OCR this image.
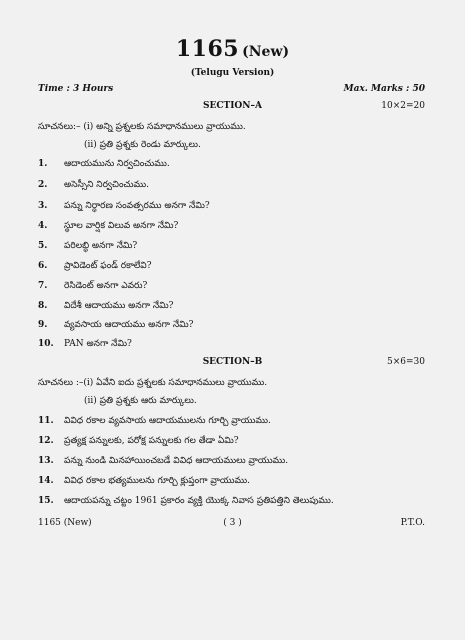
1165 (New)
(Telugu Version)
Time : 3 Hours	Max. Marks : 50
SECTION–A	10×2=20
సూచనలు:– (i) అన్ని ప్రశ్నలకు సమాధానములు వ్రాయుము.
(ii) ప్రతి ప్రశ్నకు రెండు మార్కులు.
1. ఆదాయమును నిర్వచించుము.
2. అసెస్సీని నిర్వచించుము.
3. పన్ను నిర్ధారణ సంవత్సరము అనగా నేమి?
4. స్థూల వార్షిక విలువ అనగా నేమి?
5. పరిలబ్ధి అనగా నేమి?
6. ప్రావిడెంట్ ఫండ్ రకాలేవి?
7. రెసిడెంట్ అనగా ఎవరు?
8. విదేశీ ఆదాయము అనగా నేమి?
9. వ్యవసాయ ఆదాయము అనగా నేమి?
10. PAN అనగా నేమి?
SECTION–B	5×6=30
సూచనలు :–(i) ఏవేని ఐదు ప్రశ్నలకు సమాధానములు వ్రాయుము.
(ii) ప్రతి ప్రశ్నకు ఆరు మార్కులు.
11. వివిధ రకాల వ్యవసాయ ఆదాయములను గూర్చి వ్రాయుము.
12. ప్రత్యక్ష పన్నులకు, పరోక్ష పన్నులకు గల తేడా ఏమి?
13. పన్ను నుండి మినహాయించబడే వివిధ ఆదాయములు వ్రాయుము.
14. వివిధ రకాల భత్యములను గూర్చి క్లుప్తంగా వ్రాయుము.
15. ఆదాయపన్ను చట్టం 1961 ప్రకారం వ్యక్తి యొక్క నివాస ప్రతిపత్తిని తెలుపుము.
1165 (New)	( 3 )	P.T.O.
